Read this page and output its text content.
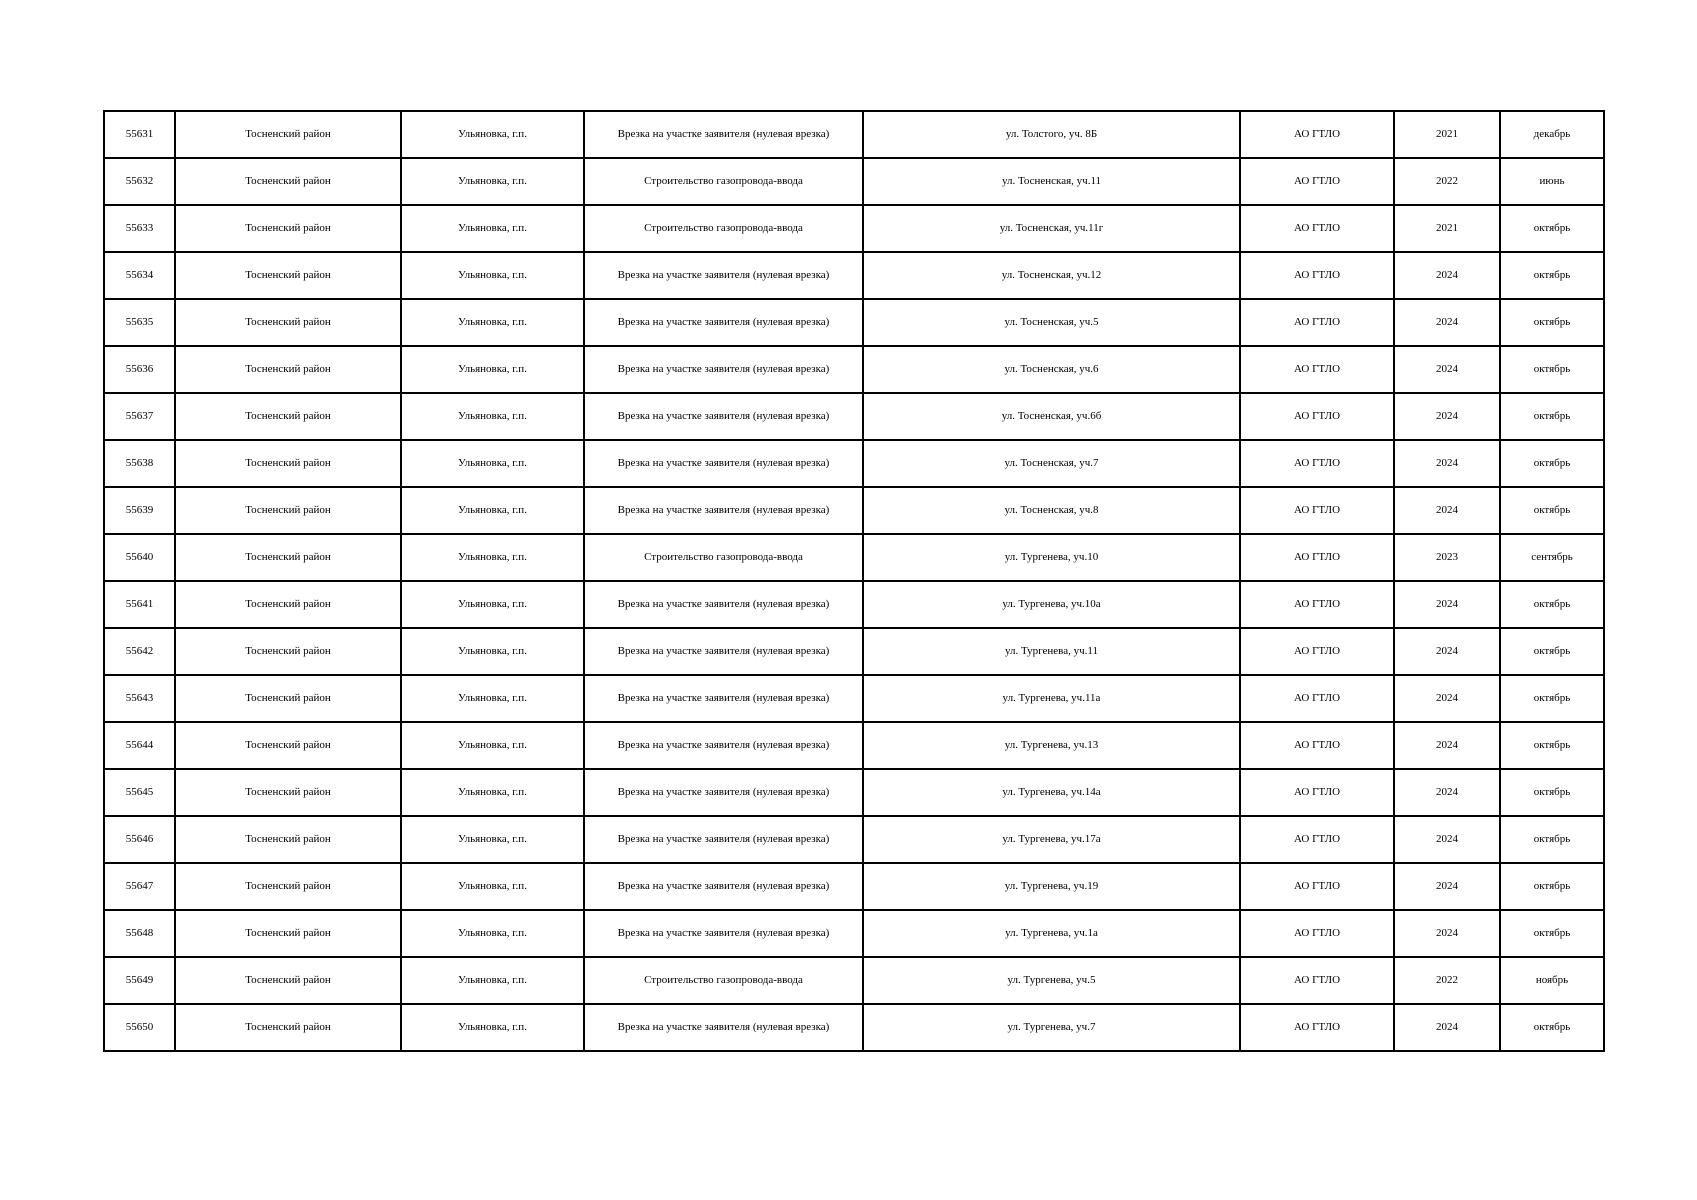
55631	Тосненский район	Ульяновка, г.п.	Врезка на участке заявителя (нулевая врезка)	ул. Толстого, уч. 8Б	АО ГТЛО	2021	декабрь
55632	Тосненский район	Ульяновка, г.п.	Строительство газопровода-ввода	ул. Тосненская, уч.11	АО ГТЛО	2022	июнь
55633	Тосненский район	Ульяновка, г.п.	Строительство газопровода-ввода	ул. Тосненская, уч.11г	АО ГТЛО	2021	октябрь
55634	Тосненский район	Ульяновка, г.п.	Врезка на участке заявителя (нулевая врезка)	ул. Тосненская, уч.12	АО ГТЛО	2024	октябрь
55635	Тосненский район	Ульяновка, г.п.	Врезка на участке заявителя (нулевая врезка)	ул. Тосненская, уч.5	АО ГТЛО	2024	октябрь
55636	Тосненский район	Ульяновка, г.п.	Врезка на участке заявителя (нулевая врезка)	ул. Тосненская, уч.6	АО ГТЛО	2024	октябрь
55637	Тосненский район	Ульяновка, г.п.	Врезка на участке заявителя (нулевая врезка)	ул. Тосненская, уч.6б	АО ГТЛО	2024	октябрь
55638	Тосненский район	Ульяновка, г.п.	Врезка на участке заявителя (нулевая врезка)	ул. Тосненская, уч.7	АО ГТЛО	2024	октябрь
55639	Тосненский район	Ульяновка, г.п.	Врезка на участке заявителя (нулевая врезка)	ул. Тосненская, уч.8	АО ГТЛО	2024	октябрь
55640	Тосненский район	Ульяновка, г.п.	Строительство газопровода-ввода	ул. Тургенева, уч.10	АО ГТЛО	2023	сентябрь
55641	Тосненский район	Ульяновка, г.п.	Врезка на участке заявителя (нулевая врезка)	ул. Тургенева, уч.10а	АО ГТЛО	2024	октябрь
55642	Тосненский район	Ульяновка, г.п.	Врезка на участке заявителя (нулевая врезка)	ул. Тургенева, уч.11	АО ГТЛО	2024	октябрь
55643	Тосненский район	Ульяновка, г.п.	Врезка на участке заявителя (нулевая врезка)	ул. Тургенева, уч.11а	АО ГТЛО	2024	октябрь
55644	Тосненский район	Ульяновка, г.п.	Врезка на участке заявителя (нулевая врезка)	ул. Тургенева, уч.13	АО ГТЛО	2024	октябрь
55645	Тосненский район	Ульяновка, г.п.	Врезка на участке заявителя (нулевая врезка)	ул. Тургенева, уч.14а	АО ГТЛО	2024	октябрь
55646	Тосненский район	Ульяновка, г.п.	Врезка на участке заявителя (нулевая врезка)	ул. Тургенева, уч.17а	АО ГТЛО	2024	октябрь
55647	Тосненский район	Ульяновка, г.п.	Врезка на участке заявителя (нулевая врезка)	ул. Тургенева, уч.19	АО ГТЛО	2024	октябрь
55648	Тосненский район	Ульяновка, г.п.	Врезка на участке заявителя (нулевая врезка)	ул. Тургенева, уч.1а	АО ГТЛО	2024	октябрь
55649	Тосненский район	Ульяновка, г.п.	Строительство газопровода-ввода	ул. Тургенева, уч.5	АО ГТЛО	2022	ноябрь
55650	Тосненский район	Ульяновка, г.п.	Врезка на участке заявителя (нулевая врезка)	ул. Тургенева, уч.7	АО ГТЛО	2024	октябрь
